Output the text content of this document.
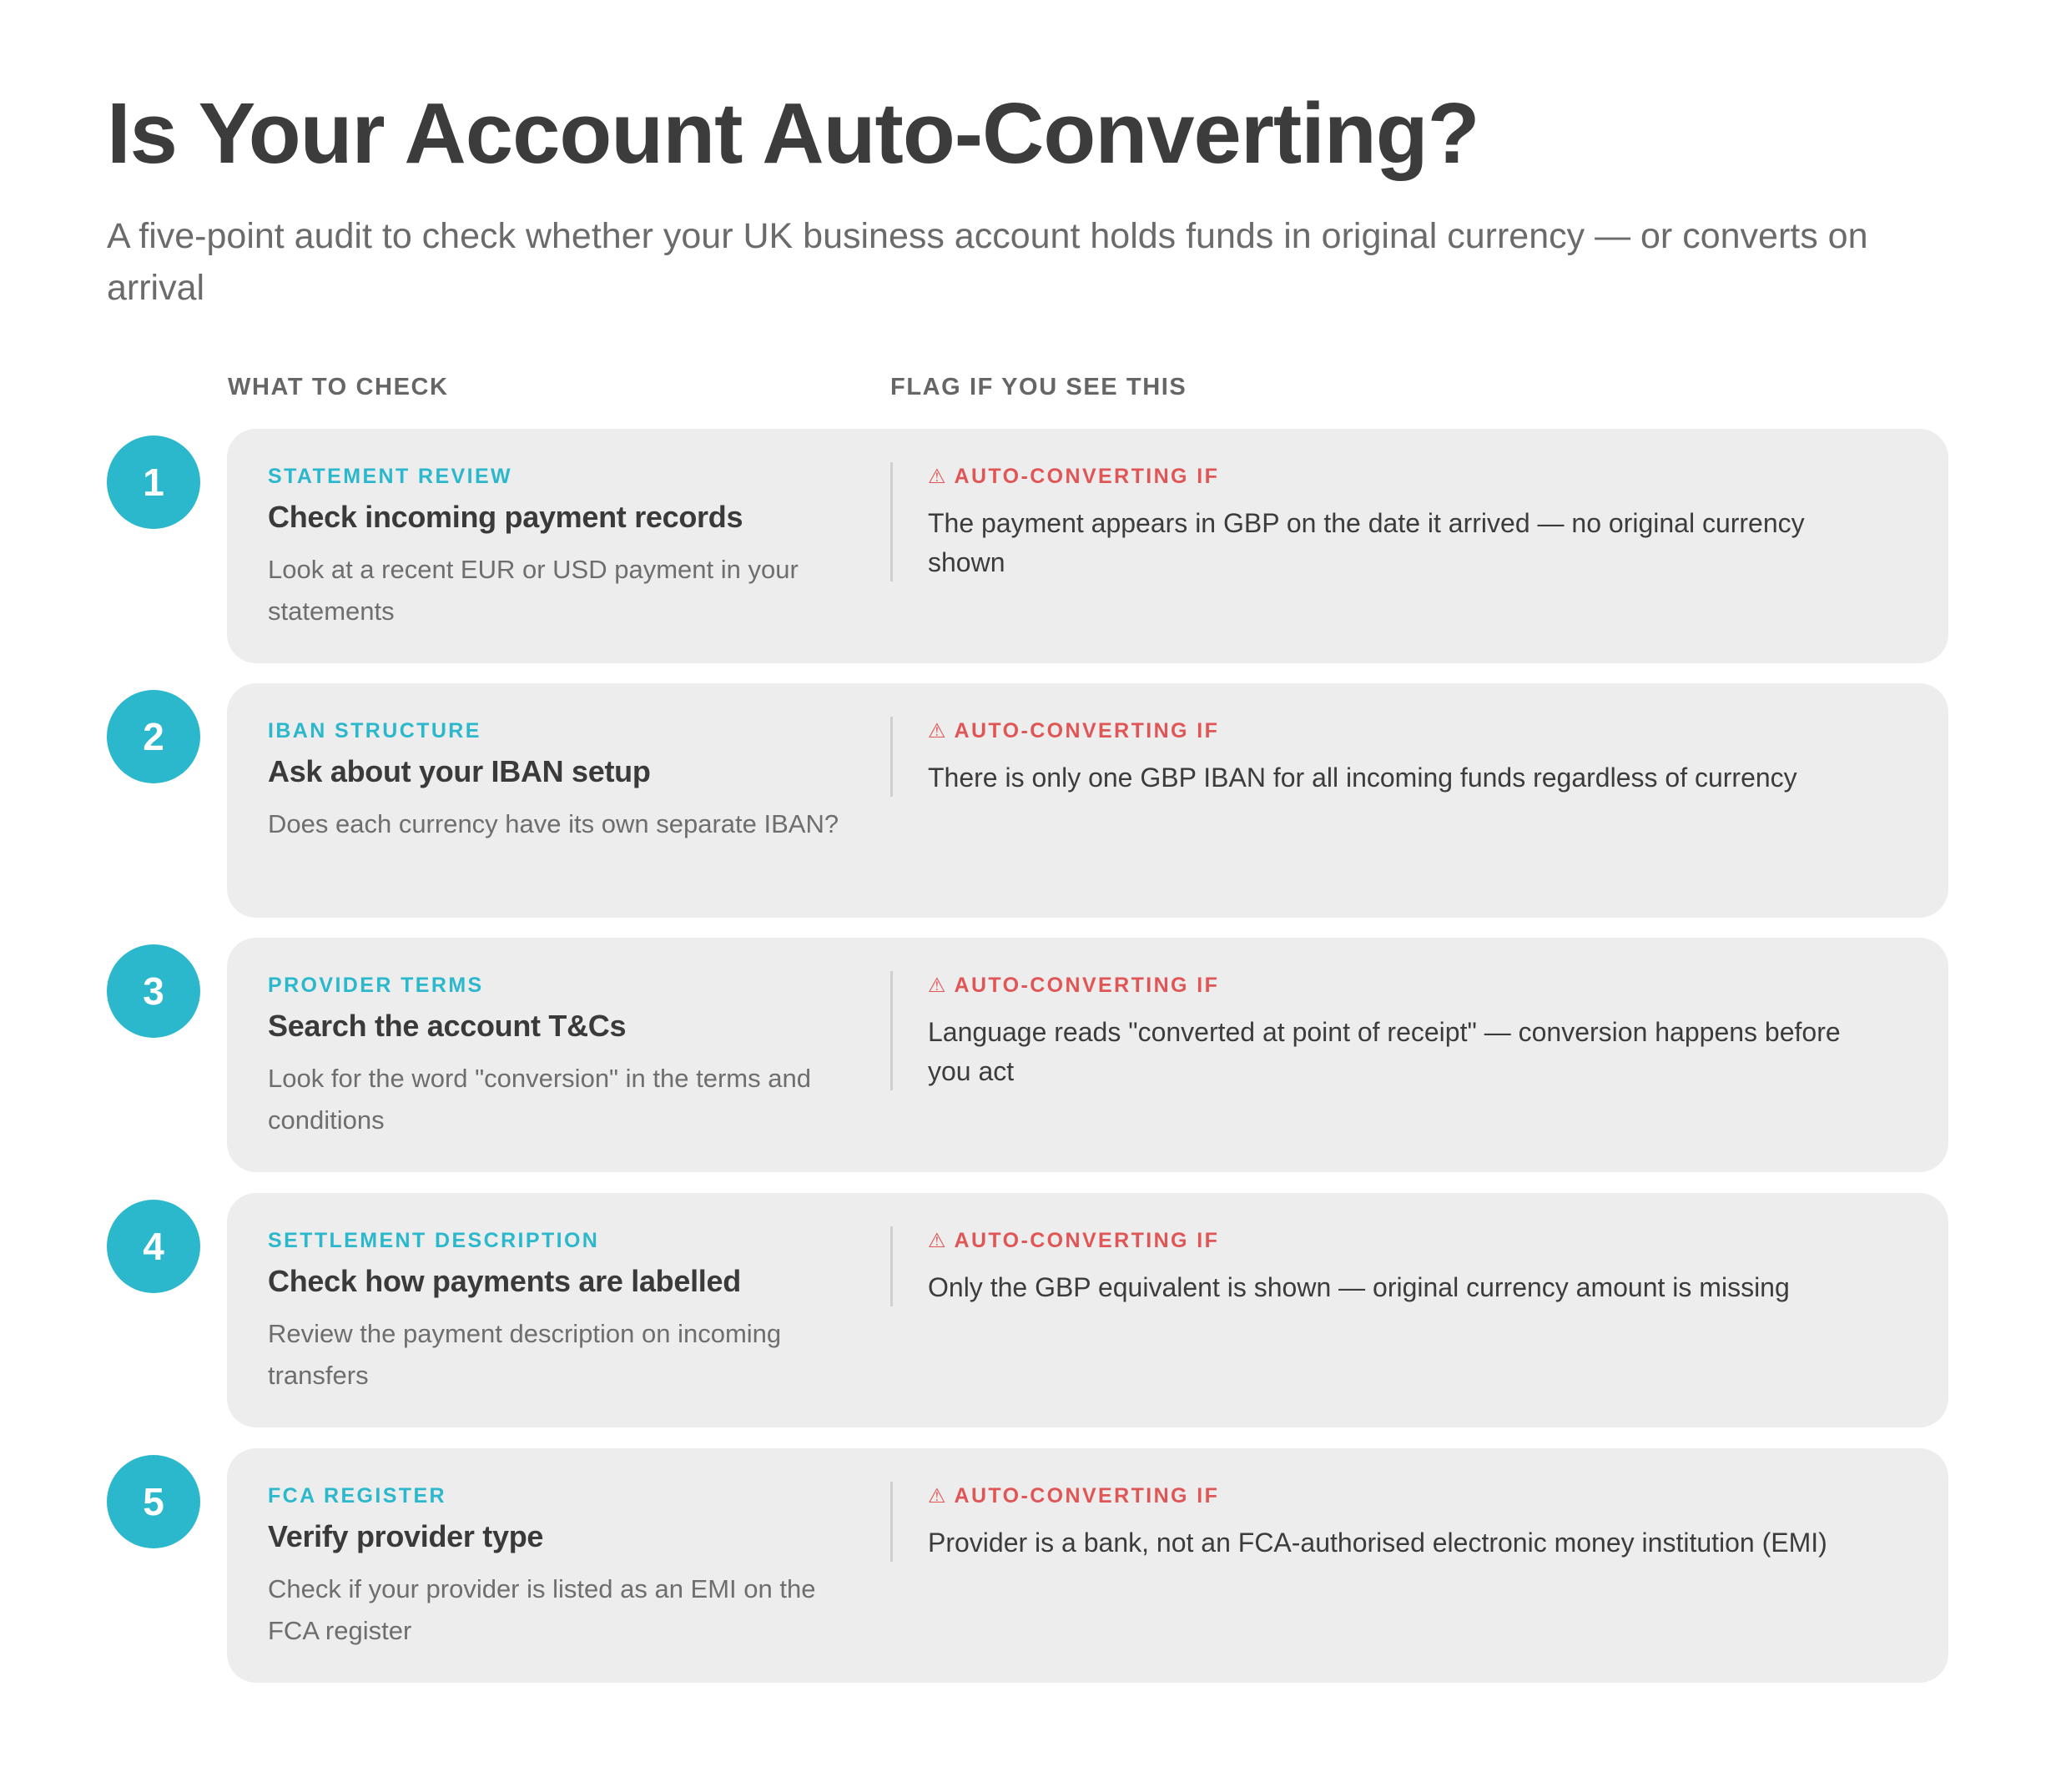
Is Your Account Auto-Converting?

A five-point audit to check whether your UK business account holds funds in original currency — or converts on arrival

WHAT TO CHECK	FLAG IF YOU SEE THIS
1	STATEMENT REVIEW
Check incoming payment records
Look at a recent EUR or USD payment in your statements
⚠ AUTO-CONVERTING IF
The payment appears in GBP on the date it arrived — no original currency shown
2	IBAN STRUCTURE
Ask about your IBAN setup
Does each currency have its own separate IBAN?
⚠ AUTO-CONVERTING IF
There is only one GBP IBAN for all incoming funds regardless of currency
3	PROVIDER TERMS
Search the account T&Cs
Look for the word "conversion" in the terms and conditions
⚠ AUTO-CONVERTING IF
Language reads "converted at point of receipt" — conversion happens before you act
4	SETTLEMENT DESCRIPTION
Check how payments are labelled
Review the payment description on incoming transfers
⚠ AUTO-CONVERTING IF
Only the GBP equivalent is shown — original currency amount is missing
5	FCA REGISTER
Verify provider type
Check if your provider is listed as an EMI on the FCA register
⚠ AUTO-CONVERTING IF
Provider is a bank, not an FCA-authorised electronic money institution (EMI)
